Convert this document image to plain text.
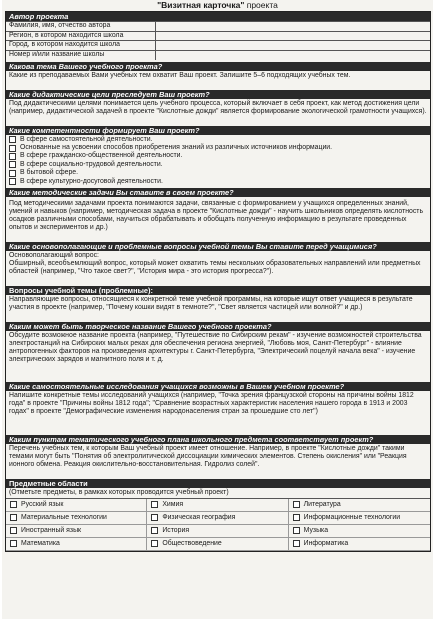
"Визитная карточка" проекта
Автор проекта
Фамилия, имя, отчество автора
Регион, в котором находится школа
Город, в котором находится школа
Номер и/или название школы
Какова тема Вашего учебного проекта?
Какие из преподаваемых Вами учебных тем охватит Ваш проект. Запишите 5–6 подходящих учебных тем.
Какие дидактические цели преследует Ваш проект?
Под дидактическими целями понимается цель учебного процесса, который включает в себя проект, как метод достижения цели (например, дидактической задачей в проекте "Кислотные дожди" является формирование экологической грамотности учащихся).
Какие компетентности формирует Ваш проект?
В сфере самостоятельной деятельности.
Основанные на усвоении способов приобретения знаний из различных источников информации.
В сфере гражданско-общественной деятельности.
В сфере социально-трудовой деятельности.
В бытовой сфере.
В сфере культурно-досуговой деятельности.
Какие методические задачи Вы ставите в своем проекте?
Под методическими задачами проекта понимаются задачи, связанные с формированием у учащихся определенных знаний, умений и навыков (например, методическая задача в проекте "Кислотные дожди" - научить школьников определять кислотность осадков различными способами, научиться обрабатывать и обобщать полученную информацию в результате проведенных опытов и экспериментов и др.)
Какие основополагающие и проблемные вопросы учебной темы Вы ставите перед учащимися?

Основополагающий вопрос:

Обширный, всеобъемлющий вопрос, который может охватить темы нескольких образовательных направлений или предметных областей (например, "Что такое свет?", "История мира - это история прогресса?").

Вопросы учебной темы (проблемные):
Направляющие вопросы, относящиеся к конкретной теме учебной программы, на которые ищут ответ учащиеся в результате участия в проекте (например, "Почему кошки видят в темноте?", "Свет является частицей или волной?" и др.)
Каким может быть творческое название Вашего учебного проекта?
Обсудите возможное название проекта (например, "Путешествие по Сибирским рекам" - изучение возможностей строительства электростанций на Сибирских малых реках для обеспечения региона энергией, "Любовь моя, Санкт-Петербург" - влияние антропогенных факторов на произведения архитектуры г. Санкт-Петербурга, "Электрический поцелуй начала века" - изучение электрических зарядов и магнитного поля и т. д.
Какие самостоятельные исследования учащихся возможны в Вашем учебном проекте?
Напишите конкретные темы исследований учащихся (например, "Точка зрения французской стороны на причины войны 1812 года" в проекте "Причины войны 1812 года"; "Сравнение возрастных характеристик населения нашего города в 1913 и 2003 годах" в проекте "Демографические изменения народонаселения стран за прошедшие сто лет")
Каким пунктам тематического учебного плана школьного предмета соответствует проект?
Перечень учебных тем, к которым Ваш учебный проект имеет отношение. Например, в проекте "Кислотные дожди" такими темами могут быть "Понятия об электролитической диссоциации химических элементов. Степень окисления" или "Реакция ионного обмена. Реакция окислительно-восстановительная. Гидролиз солей".
Предметные области
(Отметьте предметы, в рамках которых проводится учебный проект)
Русский язык	Химия	Литература
Материальные технологии	Физическая география	Информационные технологии
Иностранный язык	История	Музыка
Математика	Обществоведение	Информатика
